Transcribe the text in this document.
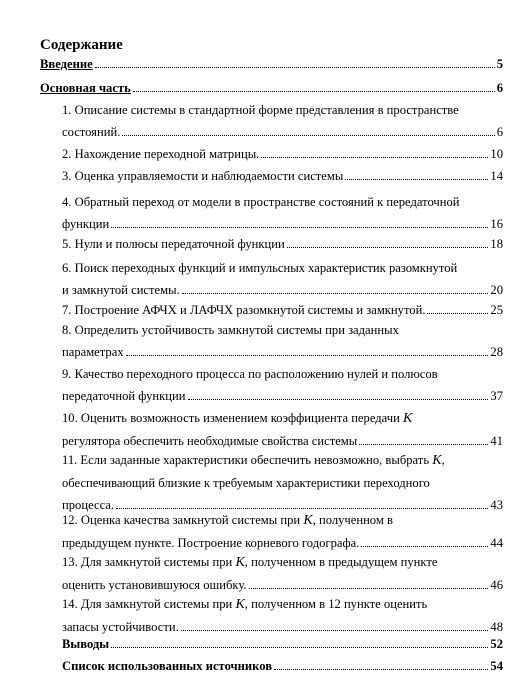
Содержание
Введение	5
Основная часть	6
1. Описание системы в стандартной форме представления в пространстве
состояний.	6
2. Нахождение переходной матрицы.	10
3. Оценка управляемости и наблюдаемости системы	14
4. Обратный переход от модели в пространстве состояний к передаточной
функции	16
5. Нули и полюсы передаточной функции	18
6. Поиск переходных функций и импульсных характеристик разомкнутой
и замкнутой системы.	20
7. Построение АФЧХ и ЛАФЧХ разомкнутой системы и замкнутой.	25
8. Определить устойчивость замкнутой системы при заданных
параметрах	28
9. Качество переходного процесса по расположению нулей и полюсов
передаточной функции	37
10. Оценить возможность изменением коэффициента передачи K
регулятора обеспечить необходимые свойства системы	41
11. Если заданные характеристики обеспечить невозможно, выбрать K,
обеспечивающий близкие к требуемым характеристики переходного
процесса.	43
12. Оценка качества замкнутой системы при K, полученном в
предыдущем пункте. Построение корневого годографа.	44
13. Для замкнутой системы при K, полученном в предыдущем пункте
оценить установившуюся ошибку.	46
14. Для замкнутой системы при K, полученном в 12 пункте оценить
запасы устойчивости.	48
Выводы	52
Список использованных источников	54
